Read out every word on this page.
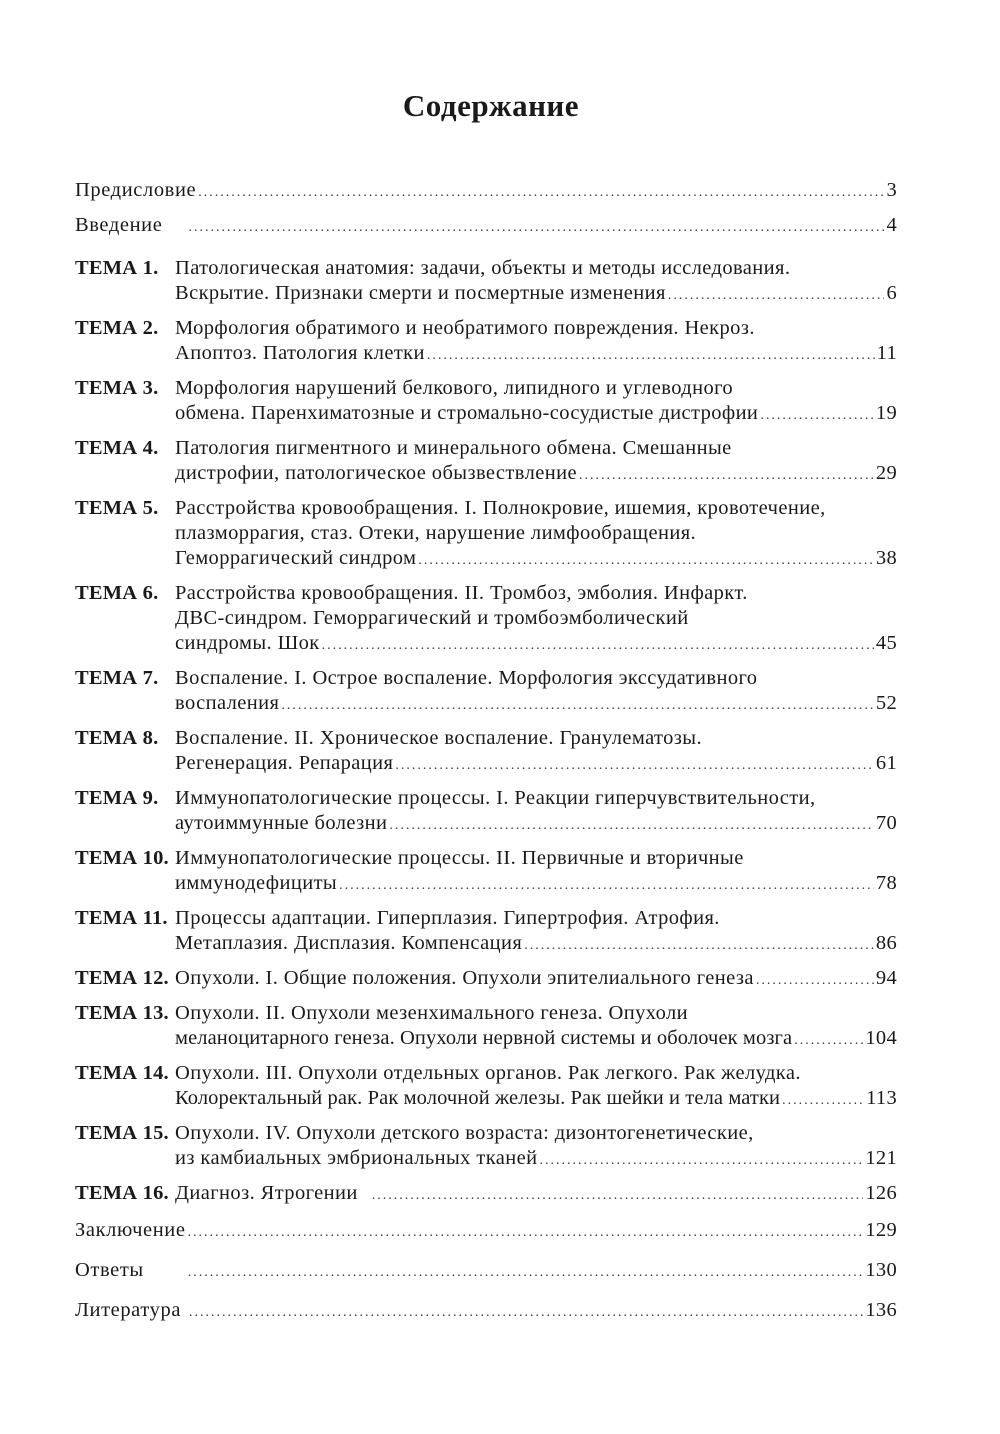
Содержание
Предисловие .....	3
Введение .....	4
ТЕМА 1. Патологическая анатомия: задачи, объекты и методы исследования.
Вскрытие. Признаки смерти и посмертные изменения .....	6
ТЕМА 2. Морфология обратимого и необратимого повреждения. Некроз.
Апоптоз. Патология клетки .....	11
ТЕМА 3. Морфология нарушений белкового, липидного и углеводного
обмена. Паренхиматозные и стромально-сосудистые дистрофии .....	19
ТЕМА 4. Патология пигментного и минерального обмена. Смешанные
дистрофии, патологическое обызвествление .....	29
ТЕМА 5. Расстройства кровообращения. I. Полнокровие, ишемия, кровотечение,
плазморрагия, стаз. Отеки, нарушение лимфообращения.
Геморрагический синдром .....	38
ТЕМА 6. Расстройства кровообращения. II. Тромбоз, эмболия. Инфаркт.
ДВС-синдром. Геморрагический и тромбоэмболический
синдромы. Шок .....	45
ТЕМА 7. Воспаление. I. Острое воспаление. Морфология экссудативного
воспаления .....	52
ТЕМА 8. Воспаление. II. Хроническое воспаление. Гранулематозы.
Регенерация. Репарация .....	61
ТЕМА 9. Иммунопатологические процессы. I. Реакции гиперчувствительности,
аутоиммунные болезни .....	70
ТЕМА 10. Иммунопатологические процессы. II. Первичные и вторичные
иммунодефициты .....	78
ТЕМА 11. Процессы адаптации. Гиперплазия. Гипертрофия. Атрофия.
Метаплазия. Дисплазия. Компенсация .....	86
ТЕМА 12. Опухоли. I. Общие положения. Опухоли эпителиального генеза .....	94
ТЕМА 13. Опухоли. II. Опухоли мезенхимального генеза. Опухоли
меланоцитарного генеза. Опухоли нервной системы и оболочек мозга .....	104
ТЕМА 14. Опухоли. III. Опухоли отдельных органов. Рак легкого. Рак желудка.
Колоректальный рак. Рак молочной железы. Рак шейки и тела матки .....	113
ТЕМА 15. Опухоли. IV. Опухоли детского возраста: дизонтогенетические,
из камбиальных эмбриональных тканей .....	121
ТЕМА 16. Диагноз. Ятрогении .....	126
Заключение .....	129
Ответы .....	130
Литература .....	136
